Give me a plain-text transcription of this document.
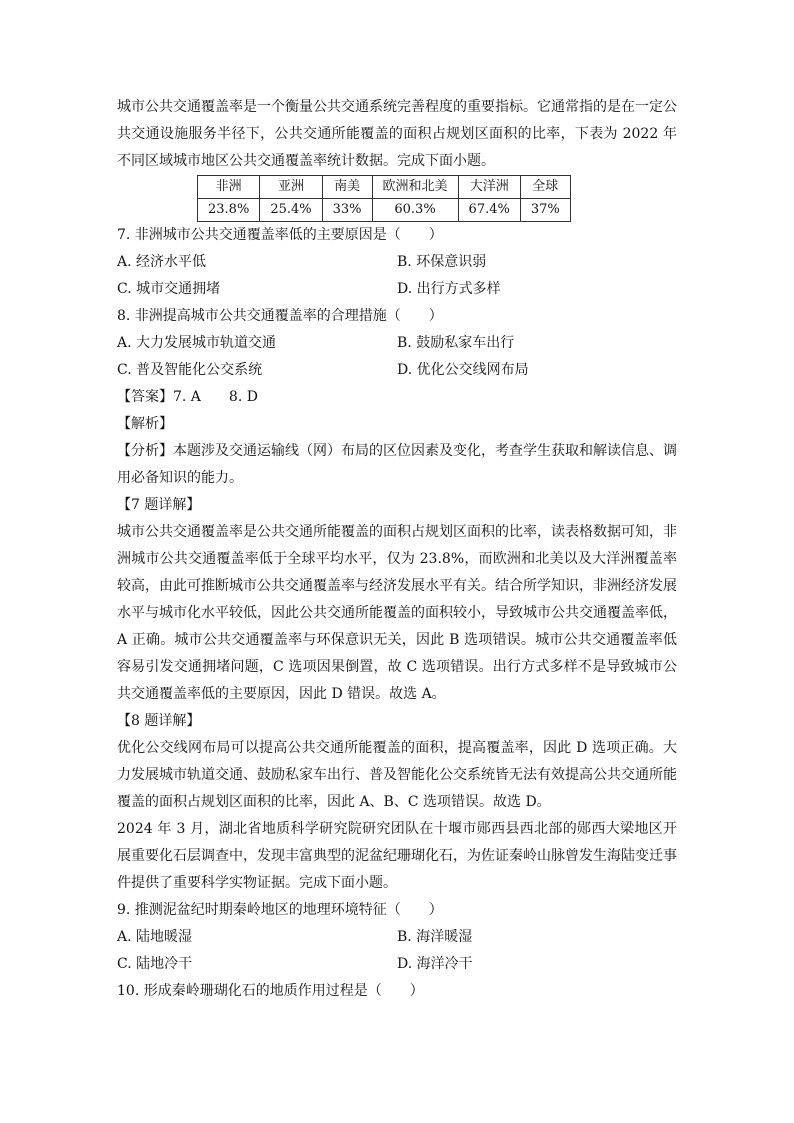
城市公共交通覆盖率是一个衡量公共交通系统完善程度的重要指标。它通常指的是在一定公共交通设施服务半径下，公共交通所能覆盖的面积占规划区面积的比率，下表为 2022 年不同区域城市地区公共交通覆盖率统计数据。完成下面小题。

非洲	亚洲	南美	欧洲和北美	大洋洲	全球
23.8%	25.4%	33%	60.3%	67.4%	37%

7. 非洲城市公共交通覆盖率低的主要原因是（　　）

A. 经济水平低	B. 环保意识弱
C. 城市交通拥堵	D. 出行方式多样

8. 非洲提高城市公共交通覆盖率的合理措施（　　）

A. 大力发展城市轨道交通	B. 鼓励私家车出行
C. 普及智能化公交系统	D. 优化公交线网布局

【答案】7. A　　8. D

【解析】

【分析】本题涉及交通运输线（网）布局的区位因素及变化，考查学生获取和解读信息、调用必备知识的能力。

【7 题详解】

城市公共交通覆盖率是公共交通所能覆盖的面积占规划区面积的比率，读表格数据可知，非洲城市公共交通覆盖率低于全球平均水平，仅为 23.8%，而欧洲和北美以及大洋洲覆盖率较高，由此可推断城市公共交通覆盖率与经济发展水平有关。结合所学知识，非洲经济发展水平与城市化水平较低，因此公共交通所能覆盖的面积较小，导致城市公共交通覆盖率低，A 正确。城市公共交通覆盖率与环保意识无关，因此 B 选项错误。城市公共交通覆盖率低容易引发交通拥堵问题，C 选项因果倒置，故 C 选项错误。出行方式多样不是导致城市公共交通覆盖率低的主要原因，因此 D 错误。故选 A。

【8 题详解】

优化公交线网布局可以提高公共交通所能覆盖的面积，提高覆盖率，因此 D 选项正确。大力发展城市轨道交通、鼓励私家车出行、普及智能化公交系统皆无法有效提高公共交通所能覆盖的面积占规划区面积的比率，因此 A、B、C 选项错误。故选 D。

2024 年 3 月，湖北省地质科学研究院研究团队在十堰市郧西县西北部的郧西大梁地区开展重要化石层调查中，发现丰富典型的泥盆纪珊瑚化石，为佐证秦岭山脉曾发生海陆变迁事件提供了重要科学实物证据。完成下面小题。

9. 推测泥盆纪时期秦岭地区的地理环境特征（　　）

A. 陆地暖湿	B. 海洋暖湿
C. 陆地冷干	D. 海洋冷干

10. 形成秦岭珊瑚化石的地质作用过程是（　　）
